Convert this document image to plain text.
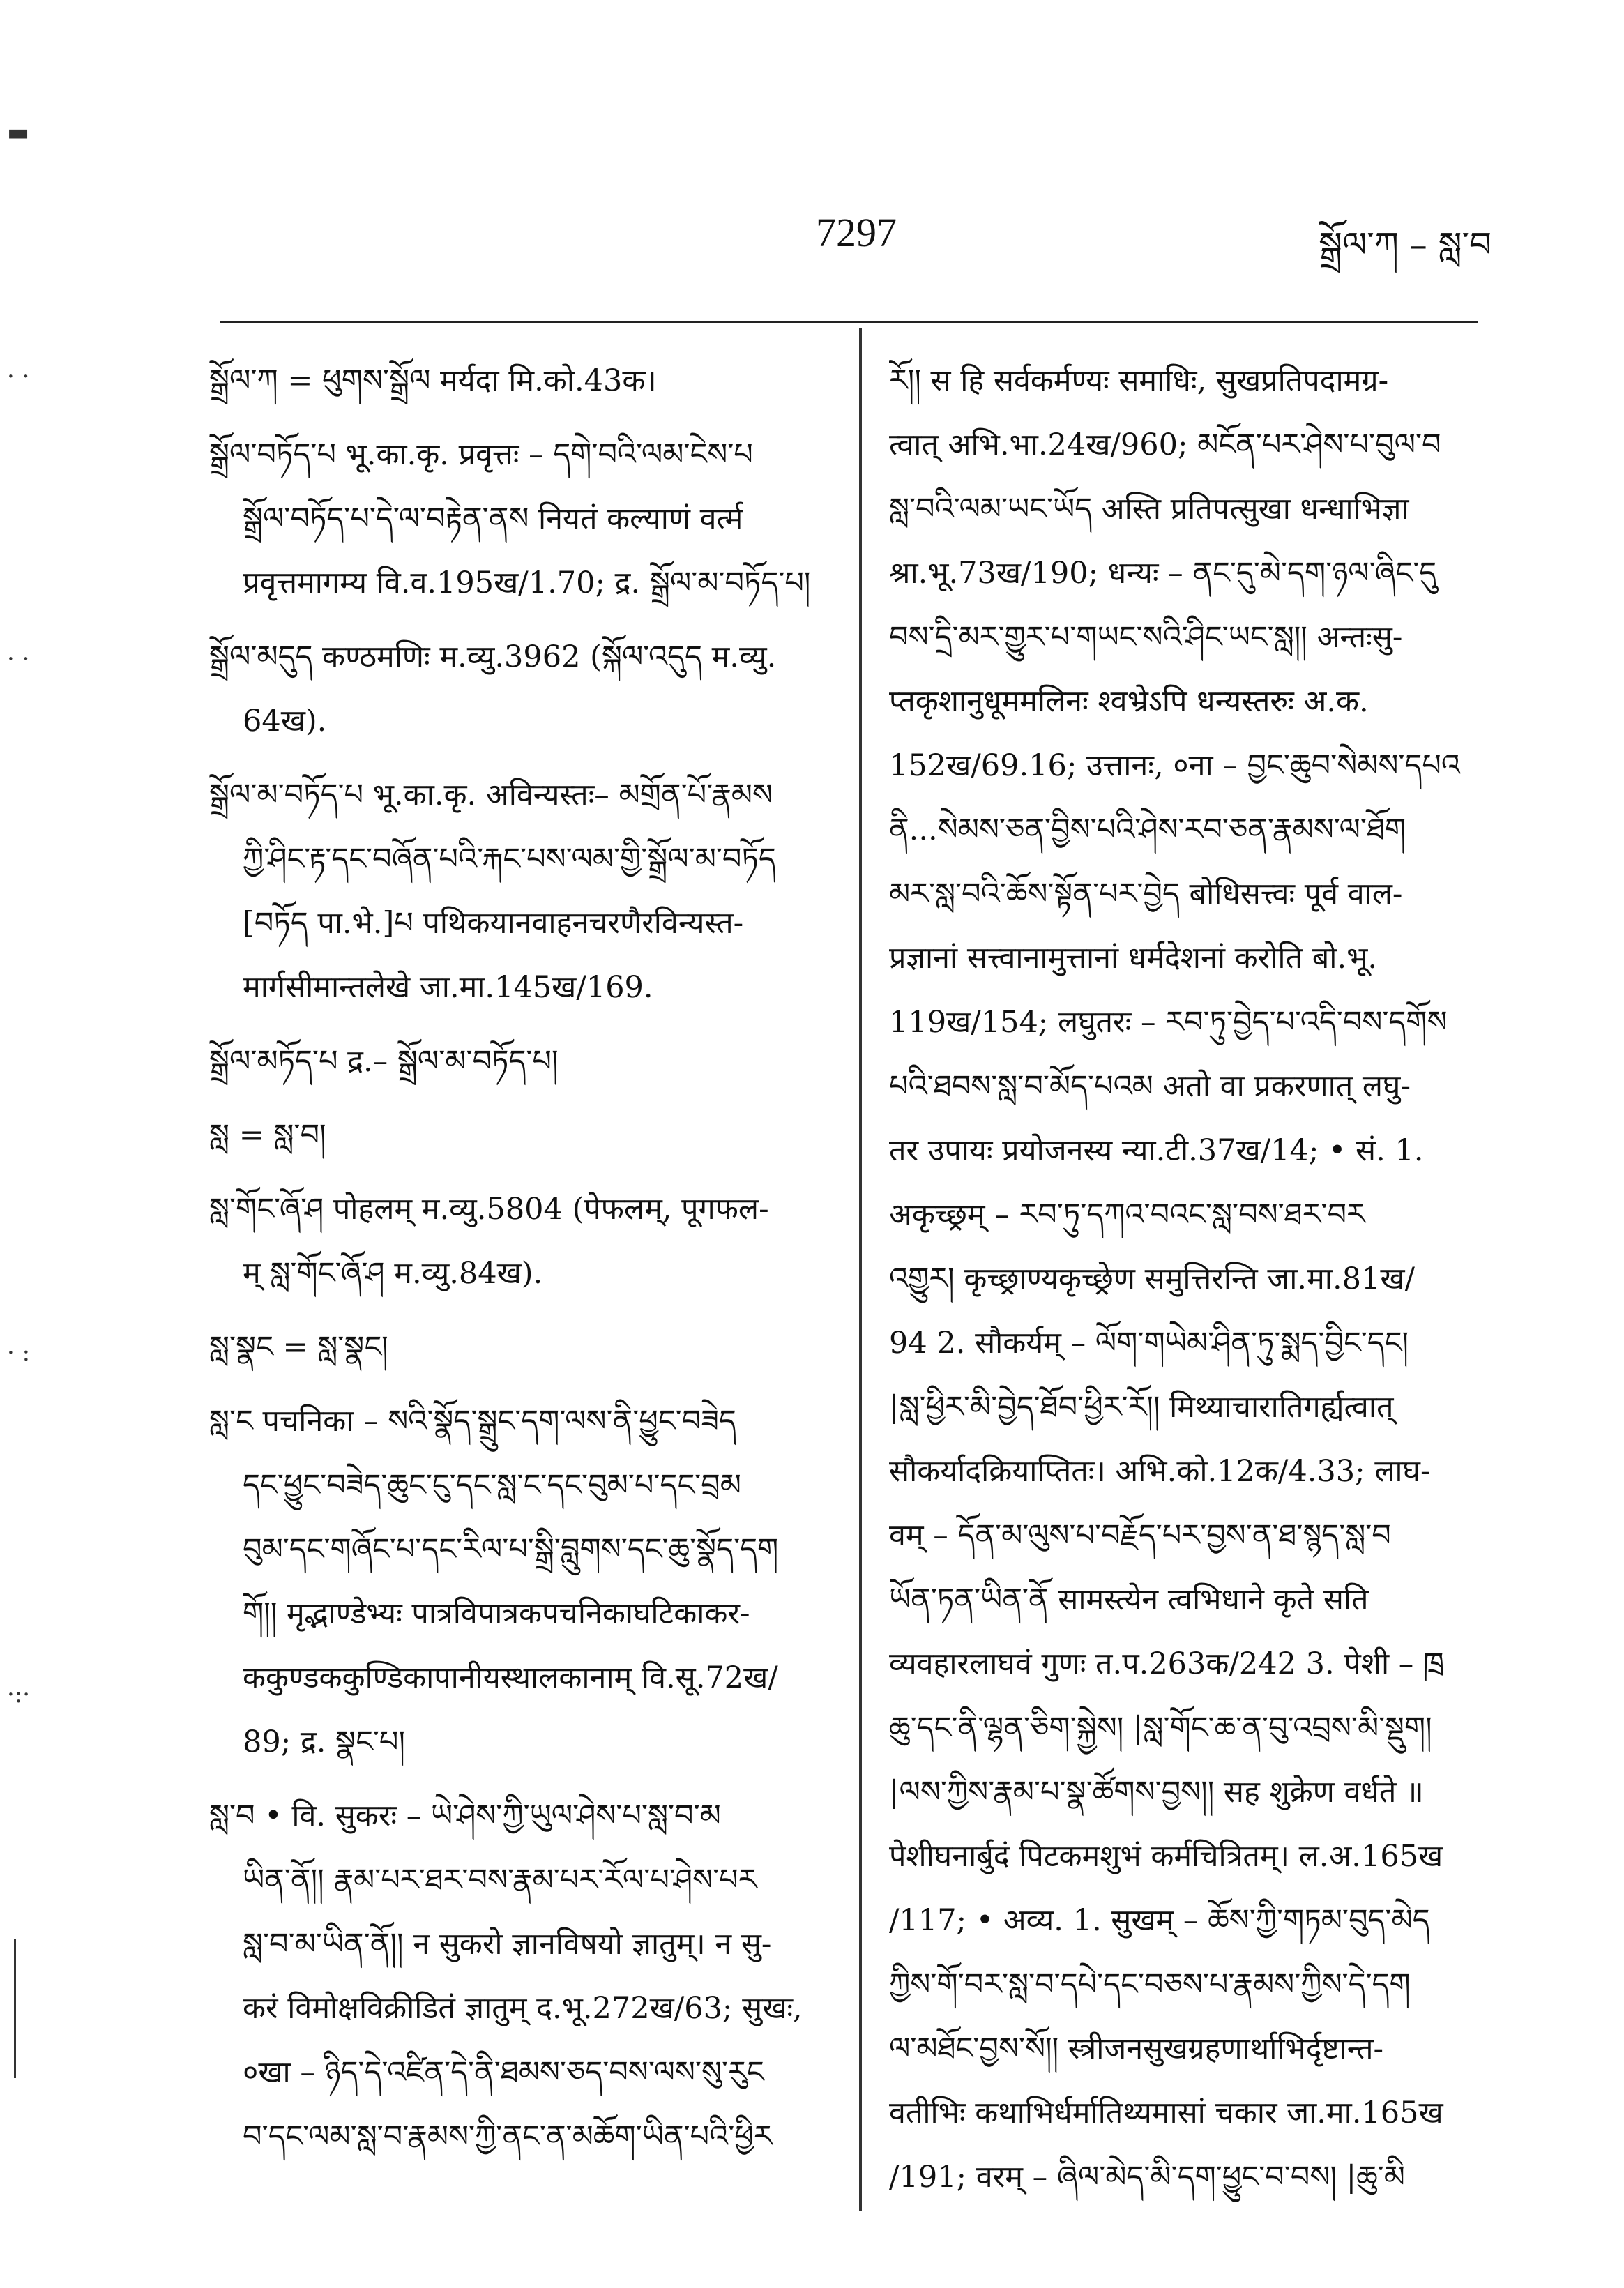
▬
· ·
· ·
· :
·:·
7297	སྒྲོལ་ཀ – སླ་བ
སྒྲོལ་ཀ = ཕུགས་སྒྲོལ मर्यदा मि.को.43क।
སྒྲོལ་བཏོད་པ भू.का.कृ. प्रवृत्तः – དགེ་བའི་ལམ་ངེས་པ
སྒྲོལ་བཏོད་པ་དེ་ལ་བརྟེན་ནས नियतं कल्याणं वर्त्म
प्रवृत्तमागम्य वि.व.195ख/1.70; द्र. སྒྲོལ་མ་བཏོད་པ།
སྒྲོལ་མདུད कण्ठमणिः म.व्यु.3962 (སྐོལ་འདུད म.व्यु.
64ख).
སྒྲོལ་མ་བཏོད་པ भू.का.कृ. अविन्यस्तः– མགྲོན་པོ་རྣམས
ཀྱི་ཤིང་རྟ་དང་བཞོན་པའི་རྐང་པས་ལམ་གྱི་སྒྲོལ་མ་བཏོད
[བཏོད पा.भे.]པ पथिकयानवाहनचरणैरविन्यस्त-
मार्गसीमान्तलेखे जा.मा.145ख/169.
སྒྲོལ་མཏོད་པ द्र.– སྒྲོལ་མ་བཏོད་པ།
སླ = སླ་བ།
སླ་གོང་ཞོ་ཤ पोहलम् म.व्यु.5804 (पेफलम्, पूगफल-
म् སླ་གོང་ཞོ་ཤ म.व्यु.84ख).
སླ་སྣང = སླ་སྣང།
སླ་ང पचनिका – སའི་སྣོད་སྒྲུང་དག་ལས་ནི་ཕྱུང་བཟེད
དང་ཕྱུང་བཟེད་ཆུང་ངུ་དང་སླ་ང་དང་བུམ་པ་དང་བྲམ
བུམ་དང་གཞོང་པ་དང་རིལ་པ་སྒྲི་བླུགས་དང་ཆུ་སྣོད་དག
གོ།། मृद्भाण्डेभ्यः पात्रविपात्रकपचनिकाघटिकाकर-
ककुण्डककुण्डिकापानीयस्थालकानाम् वि.सू.72ख/
89; द्र. སྣང་པ།
སླ་བ • वि. सुकरः – ཡེ་ཤེས་ཀྱི་ཡུལ་ཤེས་པ་སླ་བ་མ
ཡིན་ནོ།། རྣམ་པར་ཐར་བས་རྣམ་པར་རོལ་པ་ཤེས་པར
སླ་བ་མ་ཡིན་ནོ།། न सुकरो ज्ञानविषयो ज्ञातुम्। न सु-
करं विमोक्षविक्रीडितं ज्ञातुम् द.भू.272ख/63; सुखः,
०खा – ཉིད་དེ་འཛིན་དེ་ནི་ཐམས་ཅད་བས་ལས་སུ་རུང
བ་དང་ལམ་སླ་བ་རྣམས་ཀྱི་ནང་ན་མཆོག་ཡིན་པའི་ཕྱིར
རོ།། स हि सर्वकर्मण्यः समाधिः, सुखप्रतिपदामग्र-
त्वात् अभि.भा.24ख/960; མངོན་པར་ཤེས་པ་བུལ་བ
སླ་བའི་ལམ་ཡང་ཡོད अस्ति प्रतिपत्सुखा धन्धाभिज्ञा
श्रा.भू.73ख/190; धन्यः – ནང་དུ་མེ་དག་ཉལ་ཞིང་དུ
བས་དྲི་མར་གྱུར་པ་གཡང་སའི་ཤིང་ཡང་སླ།། अन्तःसु-
प्तकृशानुधूममलिनः श्वभ्रेऽपि धन्यस्तरुः अ.क.
152ख/69.16; उत्तानः, ०ना – བྱང་ཆུབ་སེམས་དཔའ
ནི...སེམས་ཅན་བྱིས་པའི་ཤེས་རབ་ཅན་རྣམས་ལ་ཐོག
མར་སླ་བའི་ཆོས་སྟོན་པར་བྱེད बोधिसत्त्वः पूर्व वाल-
प्रज्ञानां सत्त्वानामुत्तानां धर्मदेशनां करोति बो.भू.
119ख/154; लघुतरः – རབ་ཏུ་བྱེད་པ་འདི་བས་དགོས
པའི་ཐབས་སླ་བ་མོད་པའམ अतो वा प्रकरणात् लघु-
तर उपायः प्रयोजनस्य न्या.टी.37ख/14; • सं. 1.
अकृच्छ्रम् – རབ་ཏུ་དཀའ་བའང་སླ་བས་ཐར་བར
འགྱུར། कृच्छ्राण्यकृच्छ्रेण समुत्तिरन्ति जा.मा.81ख/
94 2. सौकर्यम् – ལོག་གཡེམ་ཤིན་ཏུ་སྨད་བྱིང་དང།
|སླ་ཕྱིར་མི་བྱེད་ཐོབ་ཕྱིར་རོ།། मिथ्याचारातिगर्ह्यत्वात्
सौकर्यादक्रियाप्तितः। अभि.को.12क/4.33; लाघ-
वम् – དོན་མ་ལུས་པ་བརྗོད་པར་བྱས་ན་ཐ་སྙད་སླ་བ
ཡོན་ཏན་ཡིན་ནོ सामस्त्येन त्वभिधाने कृते सति
व्यवहारलाघवं गुणः त.प.263क/242 3. पेशी – ཁྲ
ཆུ་དང་ནི་ལྷན་ཅིག་སྐྱེས། |སླ་གོང་ཆ་ན་བུ་འབྲས་མི་སྡུག།
|ལས་ཀྱིས་རྣམ་པ་སྣ་ཚོགས་བྱས།། सह शुक्रेण वर्धते ॥
पेशीघनार्बुदं पिटकमशुभं कर्मचित्रितम्। ल.अ.165ख
/117; • अव्य. 1. सुखम् – ཆོས་ཀྱི་གཏམ་བུད་མེད
ཀྱིས་གོ་བར་སླ་བ་དཔེ་དང་བཅས་པ་རྣམས་ཀྱིས་དེ་དག
ལ་མཐོང་བྱས་སོ།། स्त्रीजनसुखग्रहणार्थाभिर्दृष्टान्त-
वतीभिः कथाभिर्धर्मातिथ्यमासां चकार जा.मा.165ख
/191; वरम् – ཞིལ་མེད་མི་དག་ཕྱུང་བ་བས། |ཆུ་མི
